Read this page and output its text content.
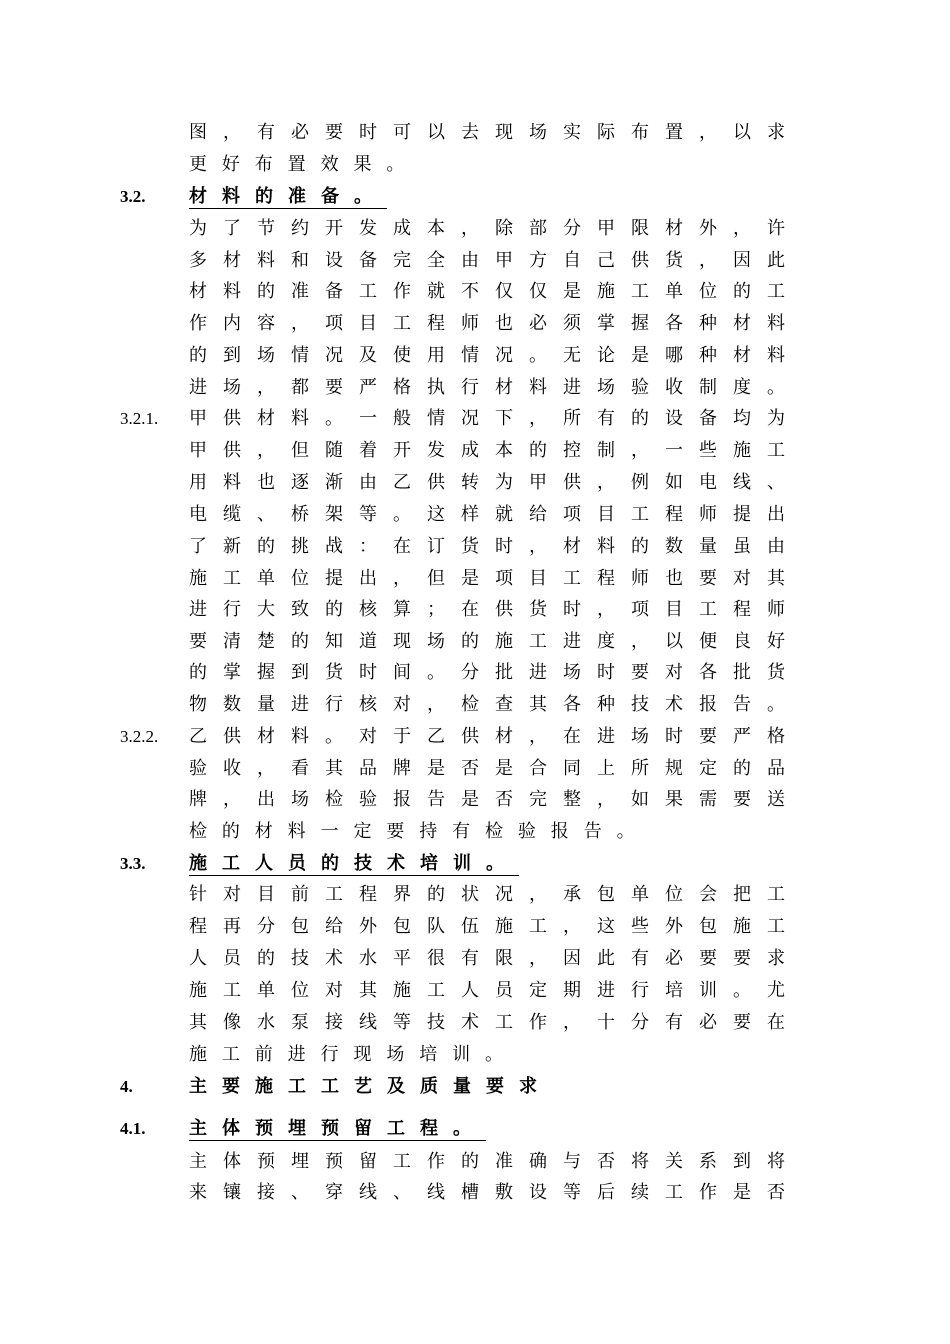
图 ， 有 必 要 时 可 以 去 现 场 实 际 布 置 ， 以 求
更 好 布 置 效 果 。
3.2.	材 料 的 准 备 。
为 了 节 约 开 发 成 本 ， 除 部 分 甲 限 材 外 ， 许
多 材 料 和 设 备 完 全 由 甲 方 自 己 供 货 ， 因 此
材 料 的 准 备 工 作 就 不 仅 仅 是 施 工 单 位 的 工
作 内 容 ， 项 目 工 程 师 也 必 须 掌 握 各 种 材 料
的 到 场 情 况 及 使 用 情 况 。 无 论 是 哪 种 材 料
进 场 ， 都 要 严 格 执 行 材 料 进 场 验 收 制 度 。
3.2.1.	甲 供 材 料 。 一 般 情 况 下 ， 所 有 的 设 备 均 为
甲 供 ， 但 随 着 开 发 成 本 的 控 制 ， 一 些 施 工
用 料 也 逐 渐 由 乙 供 转 为 甲 供 ， 例 如 电 线 、
电 缆 、 桥 架 等 。 这 样 就 给 项 目 工 程 师 提 出
了 新 的 挑 战 ： 在 订 货 时 ， 材 料 的 数 量 虽 由
施 工 单 位 提 出 ， 但 是 项 目 工 程 师 也 要 对 其
进 行 大 致 的 核 算 ； 在 供 货 时 ， 项 目 工 程 师
要 清 楚 的 知 道 现 场 的 施 工 进 度 ， 以 便 良 好
的 掌 握 到 货 时 间 。 分 批 进 场 时 要 对 各 批 货
物 数 量 进 行 核 对 ， 检 查 其 各 种 技 术 报 告 。
3.2.2.	乙 供 材 料 。 对 于 乙 供 材 ， 在 进 场 时 要 严 格
验 收 ， 看 其 品 牌 是 否 是 合 同 上 所 规 定 的 品
牌 ， 出 场 检 验 报 告 是 否 完 整 ， 如 果 需 要 送
检 的 材 料 一 定 要 持 有 检 验 报 告 。
3.3.	施 工 人 员 的 技 术 培 训 。
针 对 目 前 工 程 界 的 状 况 ， 承 包 单 位 会 把 工
程 再 分 包 给 外 包 队 伍 施 工 ， 这 些 外 包 施 工
人 员 的 技 术 水 平 很 有 限 ， 因 此 有 必 要 要 求
施 工 单 位 对 其 施 工 人 员 定 期 进 行 培 训 。 尤
其 像 水 泵 接 线 等 技 术 工 作 ， 十 分 有 必 要 在
施 工 前 进 行 现 场 培 训 。
4.	主 要 施 工 工 艺 及 质 量 要 求
4.1.	主 体 预 埋 预 留 工 程 。
主 体 预 埋 预 留 工 作 的 准 确 与 否 将 关 系 到 将
来 镶 接 、 穿 线 、 线 槽 敷 设 等 后 续 工 作 是 否
